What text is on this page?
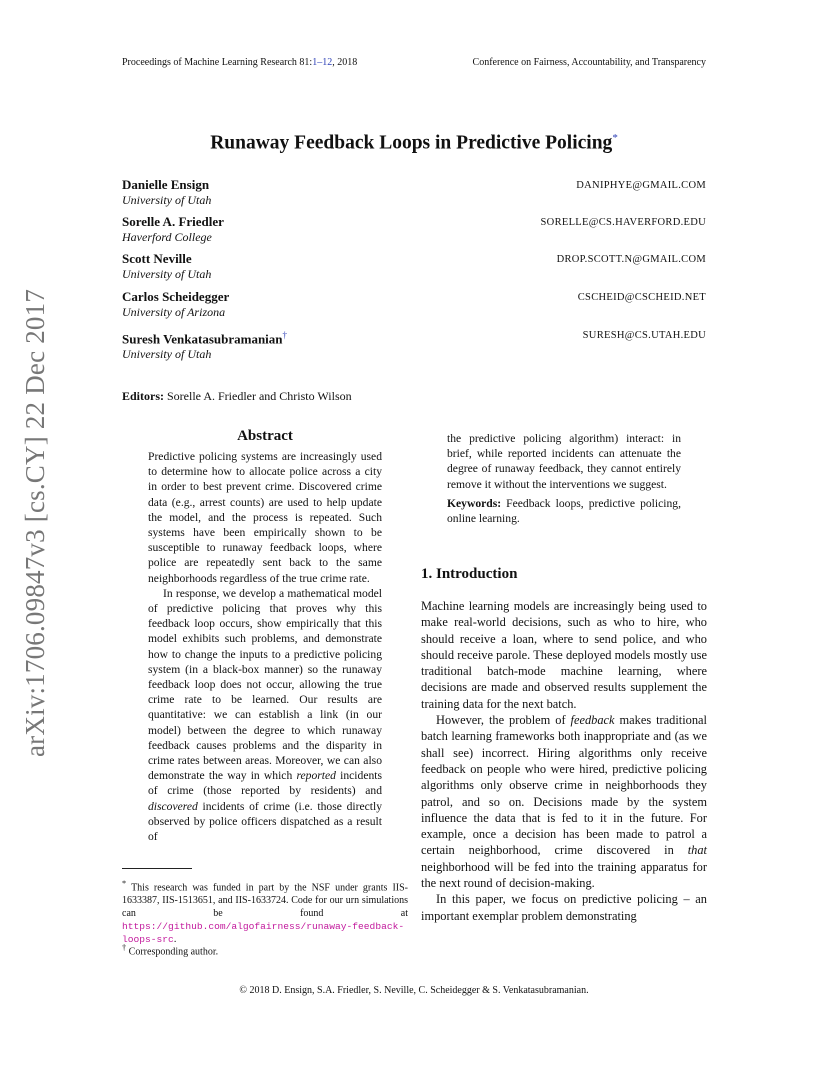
Proceedings of Machine Learning Research 81:1–12, 2018	Conference on Fairness, Accountability, and Transparency
arXiv:1706.09847v3 [cs.CY] 22 Dec 2017
Runaway Feedback Loops in Predictive Policing*
Danielle Ensign
University of Utah
DANIPHYE@GMAIL.COM
Sorelle A. Friedler
Haverford College
SORELLE@CS.HAVERFORD.EDU
Scott Neville
University of Utah
DROP.SCOTT.N@GMAIL.COM
Carlos Scheidegger
University of Arizona
CSCHEID@CSCHEID.NET
Suresh Venkatasubramanian†
University of Utah
SURESH@CS.UTAH.EDU
Editors: Sorelle A. Friedler and Christo Wilson
Abstract

Predictive policing systems are increasingly used to determine how to allocate police across a city in order to best prevent crime. Discovered crime data (e.g., arrest counts) are used to help update the model, and the process is repeated. Such systems have been empirically shown to be susceptible to runaway feedback loops, where police are repeatedly sent back to the same neighborhoods regardless of the true crime rate.

In response, we develop a mathematical model of predictive policing that proves why this feedback loop occurs, show empirically that this model exhibits such problems, and demonstrate how to change the inputs to a predictive policing system (in a black-box manner) so the runaway feedback loop does not occur, allowing the true crime rate to be learned. Our results are quantitative: we can establish a link (in our model) between the degree to which runaway feedback causes problems and the disparity in crime rates between areas. Moreover, we can also demonstrate the way in which reported incidents of crime (those reported by residents) and discovered incidents of crime (i.e. those directly observed by police officers dispatched as a result of

the predictive policing algorithm) interact: in brief, while reported incidents can attenuate the degree of runaway feedback, they cannot entirely remove it without the interventions we suggest.

Keywords: Feedback loops, predictive policing, online learning.

1. Introduction

Machine learning models are increasingly being used to make real-world decisions, such as who to hire, who should receive a loan, where to send police, and who should receive parole. These deployed models mostly use traditional batch-mode machine learning, where decisions are made and observed results supplement the training data for the next batch.

However, the problem of feedback makes traditional batch learning frameworks both inappropriate and (as we shall see) incorrect. Hiring algorithms only receive feedback on people who were hired, predictive policing algorithms only observe crime in neighborhoods they patrol, and so on. Decisions made by the system influence the data that is fed to it in the future. For example, once a decision has been made to patrol a certain neighborhood, crime discovered in that neighborhood will be fed into the training apparatus for the next round of decision-making.

In this paper, we focus on predictive policing – an important exemplar problem demonstrating

* This research was funded in part by the NSF under grants IIS-1633387, IIS-1513651, and IIS-1633724. Code for our urn simulations can be found at https://github.com/algofairness/runaway-feedback-loops-src.
† Corresponding author.
© 2018 D. Ensign, S.A. Friedler, S. Neville, C. Scheidegger & S. Venkatasubramanian.
